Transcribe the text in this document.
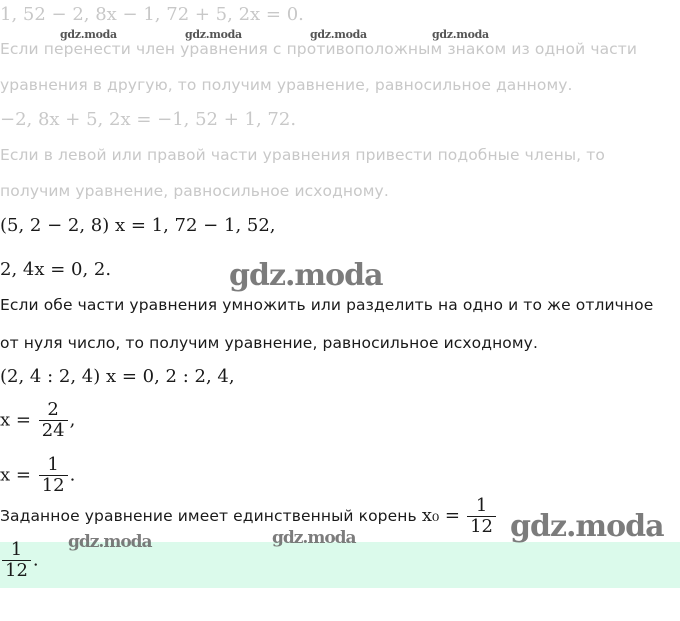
1, 52 − 2, 8x − 1, 72 + 5, 2x = 0.
Если перенести член уравнения с противоположным знаком из одной части
уравнения в другую, то получим уравнение, равносильное данному.
−2, 8x + 5, 2x = −1, 52 + 1, 72.
Если в левой или правой части уравнения привести подобные члены, то
получим уравнение, равносильное исходному.
(5, 2 − 2, 8) x = 1, 72 − 1, 52,
2, 4x = 0, 2.
Если обе части уравнения умножить или разделить на одно и то же отличное
от нуля число, то получим уравнение, равносильное исходному.
(2, 4 : 2, 4) x = 0, 2 : 2, 4,
$x = \frac{2}{24}$ ,
$x = \frac{1}{12}$ .
Заданное уравнение имеет единственный корень $x_0 = \frac{1}{12}$
$\frac{1}{12}$ .
gdz.moda	gdz.moda	gdz.moda	gdz.moda
gdz.moda
gdz.moda
gdz.moda	gdz.moda
